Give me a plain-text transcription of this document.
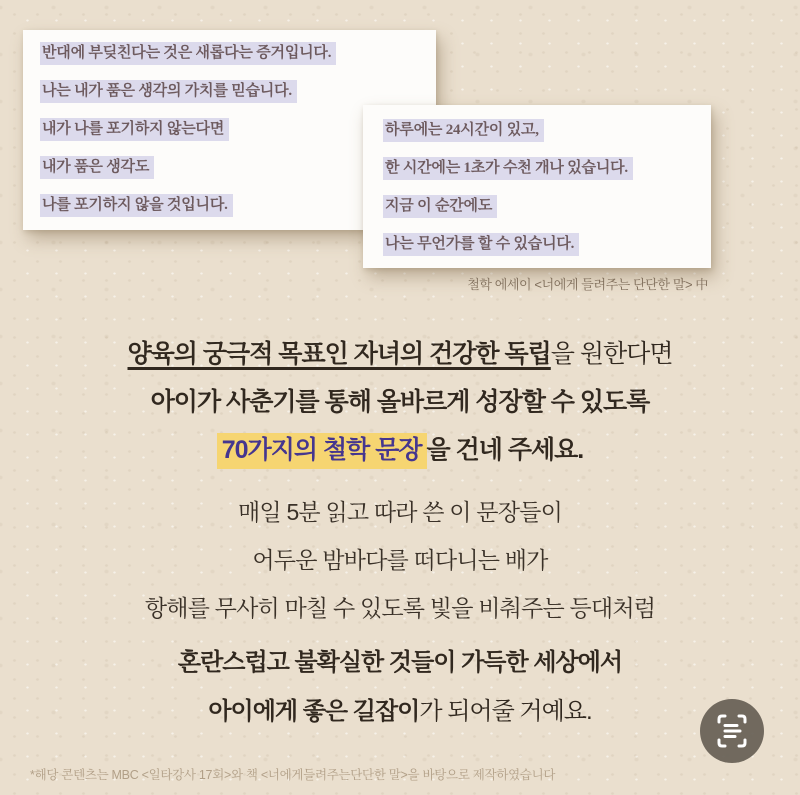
반대에 부딪친다는 것은 새롭다는 증거입니다.
나는 내가 품은 생각의 가치를 믿습니다.
내가 나를 포기하지 않는다면
내가 품은 생각도
나를 포기하지 않을 것입니다.
하루에는 24시간이 있고,
한 시간에는 1초가 수천 개나 있습니다.
지금 이 순간에도
나는 무언가를 할 수 있습니다.
철학 에세이 <너에게 들려주는 단단한 말> 中
양육의 궁극적 목표인 자녀의 건강한 독립을 원한다면
아이가 사춘기를 통해 올바르게 성장할 수 있도록
70가지의 철학 문장 을 건네 주세요.
매일 5분 읽고 따라 쓴 이 문장들이
어두운 밤바다를 떠다니는 배가
항해를 무사히 마칠 수 있도록 빛을 비춰주는 등대처럼
혼란스럽고 불확실한 것들이 가득한 세상에서
아이에게 좋은 길잡이가 되어줄 거예요.
*해당 콘텐츠는 MBC <일타강사 17회>와 책 <너에게들려주는단단한 말>을 바탕으로 제작하였습니다
